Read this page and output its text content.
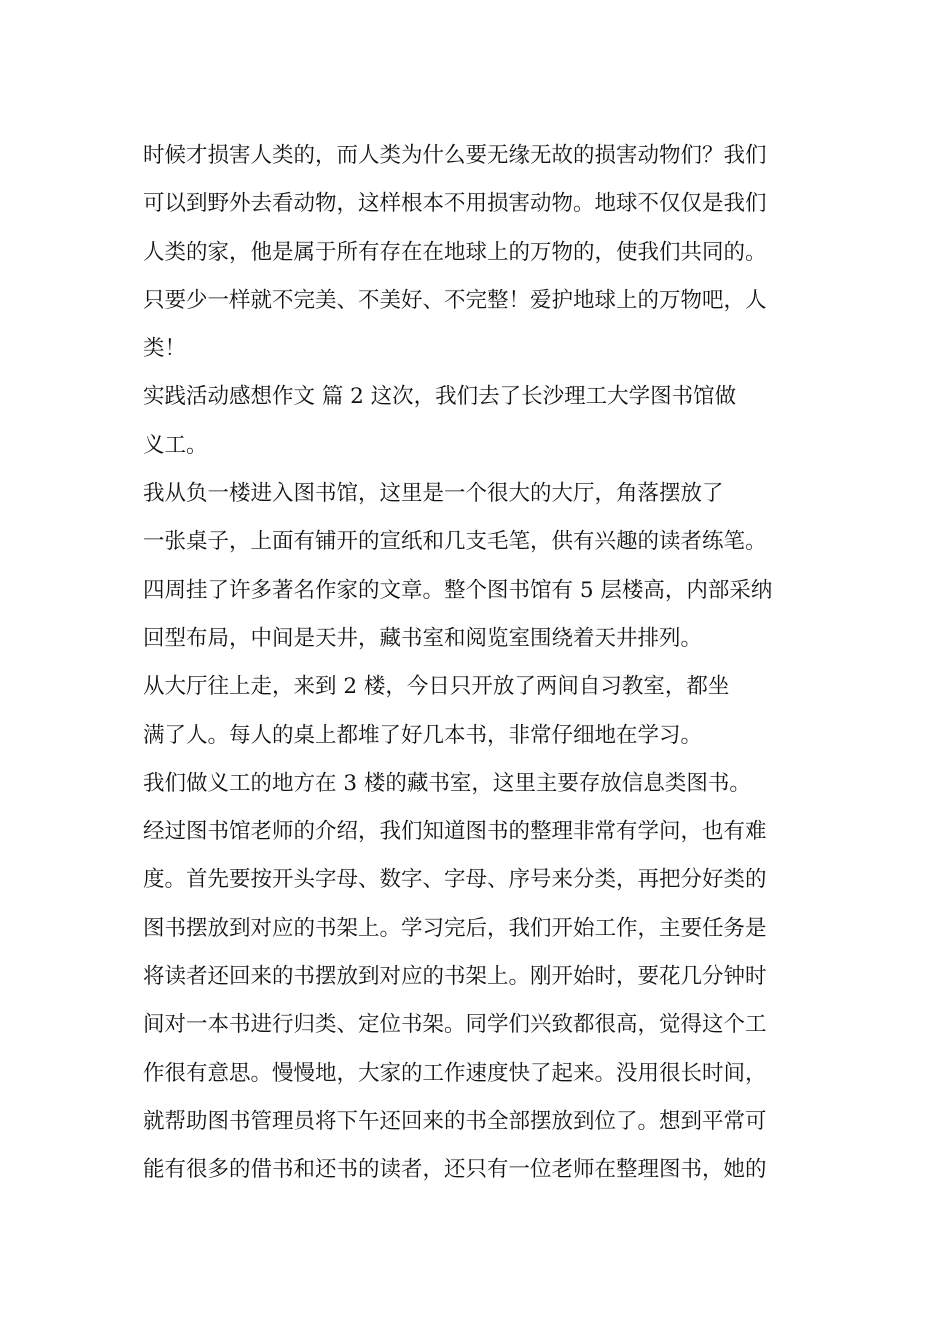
时候才损害人类的，而人类为什么要无缘无故的损害动物们？我们
可以到野外去看动物，这样根本不用损害动物。地球不仅仅是我们
人类的家，他是属于所有存在在地球上的万物的，使我们共同的。
只要少一样就不完美、不美好、不完整！爱护地球上的万物吧，人
类！
实践活动感想作文 篇 2 这次，我们去了长沙理工大学图书馆做
义工。
我从负一楼进入图书馆，这里是一个很大的大厅，角落摆放了
一张桌子，上面有铺开的宣纸和几支毛笔，供有兴趣的读者练笔。
四周挂了许多著名作家的文章。整个图书馆有 5 层楼高，内部采纳
回型布局，中间是天井，藏书室和阅览室围绕着天井排列。
从大厅往上走，来到 2 楼，今日只开放了两间自习教室，都坐
满了人。每人的桌上都堆了好几本书，非常仔细地在学习。
我们做义工的地方在 3 楼的藏书室，这里主要存放信息类图书。
经过图书馆老师的介绍，我们知道图书的整理非常有学问，也有难
度。首先要按开头字母、数字、字母、序号来分类，再把分好类的
图书摆放到对应的书架上。学习完后，我们开始工作，主要任务是
将读者还回来的书摆放到对应的书架上。刚开始时，要花几分钟时
间对一本书进行归类、定位书架。同学们兴致都很高，觉得这个工
作很有意思。慢慢地，大家的工作速度快了起来。没用很长时间，
就帮助图书管理员将下午还回来的书全部摆放到位了。想到平常可
能有很多的借书和还书的读者，还只有一位老师在整理图书，她的
